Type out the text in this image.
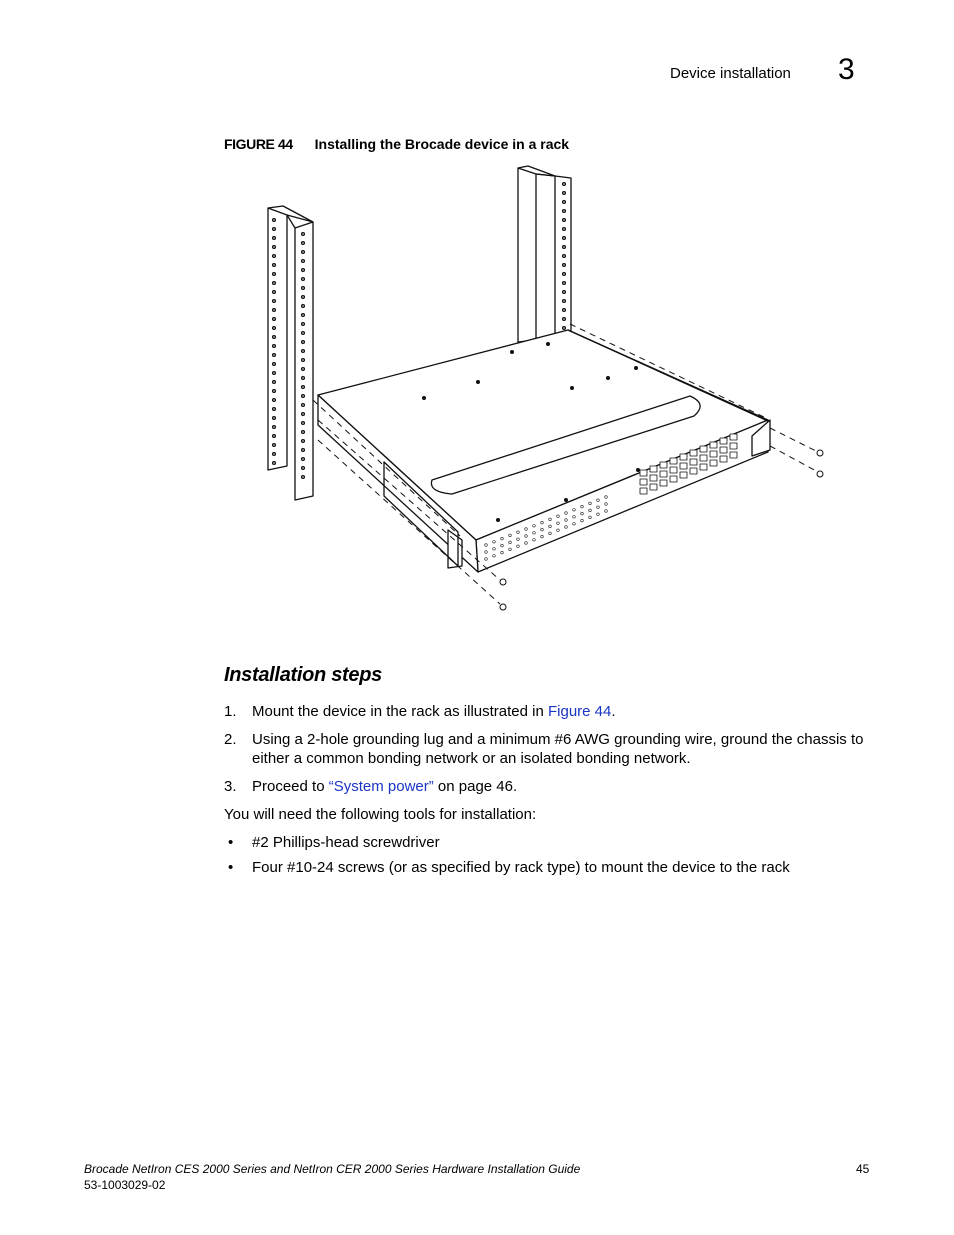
Device installation 3
FIGURE 44 Installing the Brocade device in a rack
Installation steps
1. Mount the device in the rack as illustrated in Figure 44.
2. Using a 2-hole grounding lug and a minimum #6 AWG grounding wire, ground the chassis to either a common bonding network or an isolated bonding network.
3. Proceed to “System power” on page 46.

You will need the following tools for installation:

• #2 Phillips-head screwdriver
• Four #10-24 screws (or as specified by rack type) to mount the device to the rack
Brocade NetIron CES 2000 Series and NetIron CER 2000 Series Hardware Installation Guide
53-1003029-02
45
